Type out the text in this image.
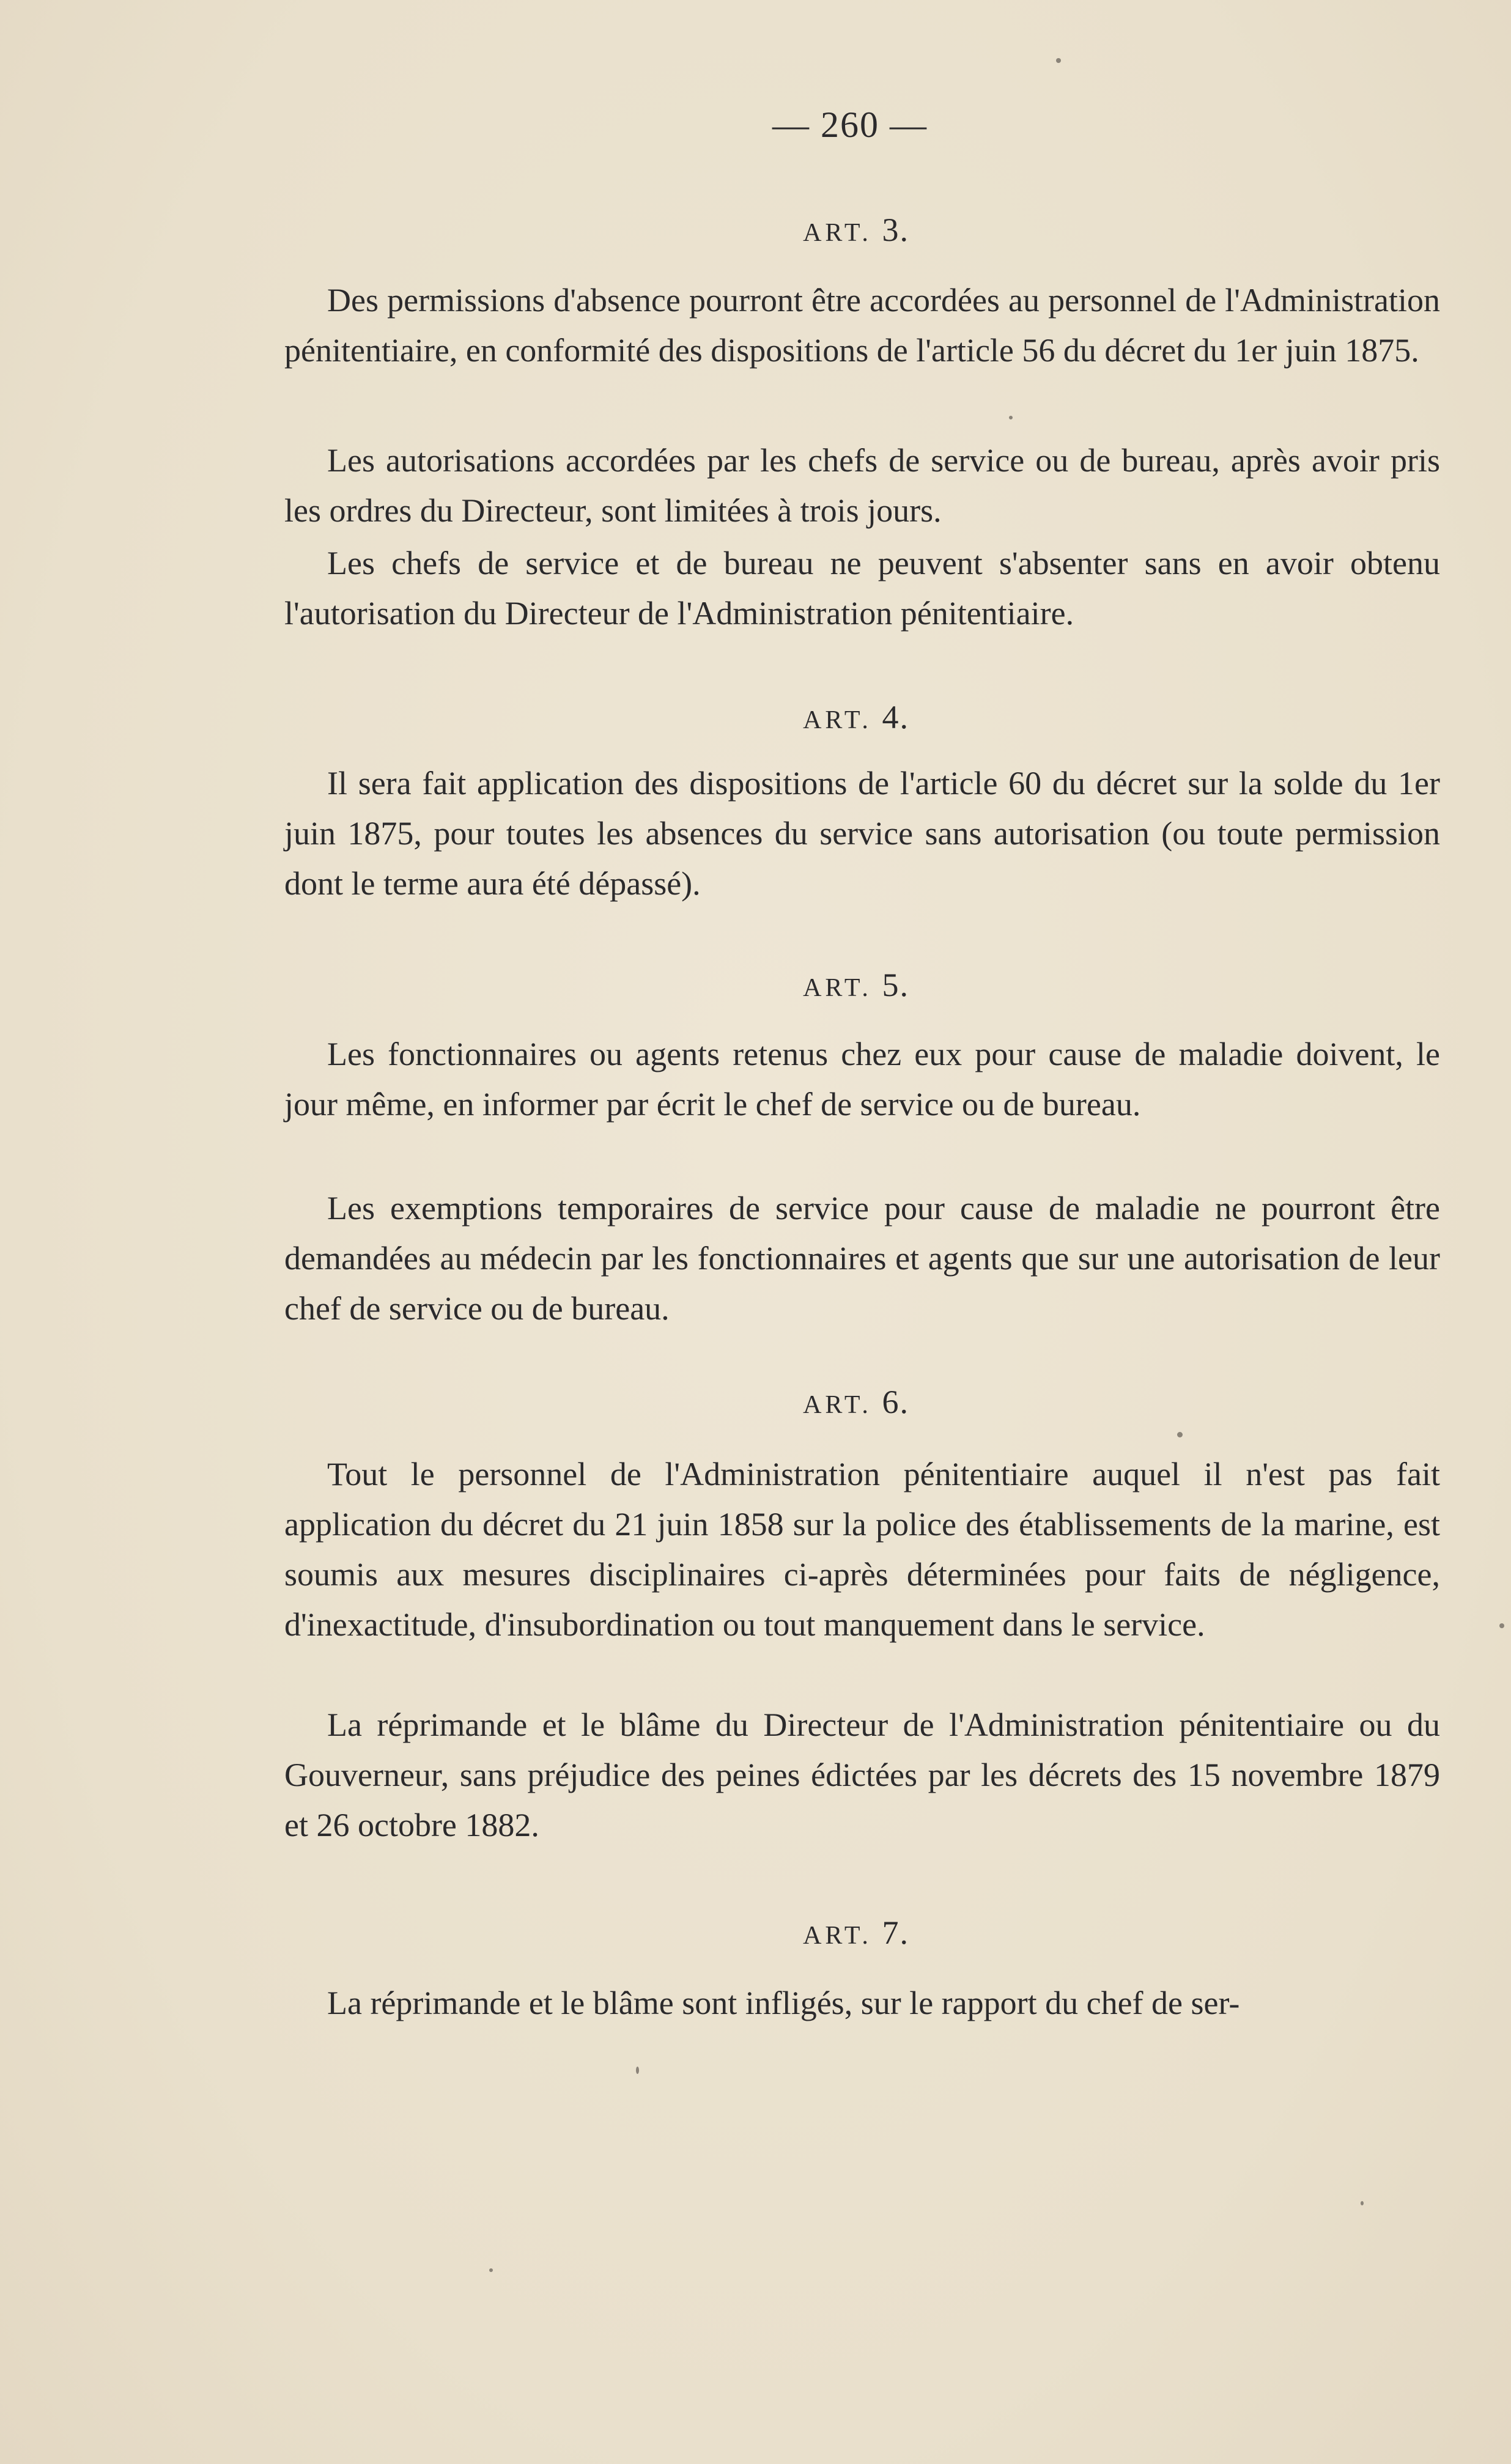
— 260 —
ART. 3.

Des permissions d'absence pourront être accordées au personnel de l'Administration pénitentiaire, en conformité des dispositions de l'article 56 du décret du 1er juin 1875.

Les autorisations accordées par les chefs de service ou de bureau, après avoir pris les ordres du Directeur, sont limitées à trois jours.

Les chefs de service et de bureau ne peuvent s'absenter sans en avoir obtenu l'autorisation du Directeur de l'Administration pénitentiaire.

ART. 4.

Il sera fait application des dispositions de l'article 60 du décret sur la solde du 1er juin 1875, pour toutes les absences du service sans autorisation (ou toute permission dont le terme aura été dépassé).

ART. 5.

Les fonctionnaires ou agents retenus chez eux pour cause de maladie doivent, le jour même, en informer par écrit le chef de service ou de bureau.

Les exemptions temporaires de service pour cause de maladie ne pourront être demandées au médecin par les fonctionnaires et agents que sur une autorisation de leur chef de service ou de bureau.

ART. 6.

Tout le personnel de l'Administration pénitentiaire auquel il n'est pas fait application du décret du 21 juin 1858 sur la police des établissements de la marine, est soumis aux mesures disciplinaires ci-après déterminées pour faits de négligence, d'inexactitude, d'insubordination ou tout manquement dans le service.

La réprimande et le blâme du Directeur de l'Administration pénitentiaire ou du Gouverneur, sans préjudice des peines édictées par les décrets des 15 novembre 1879 et 26 octobre 1882.

ART. 7.

La réprimande et le blâme sont infligés, sur le rapport du chef de ser-
